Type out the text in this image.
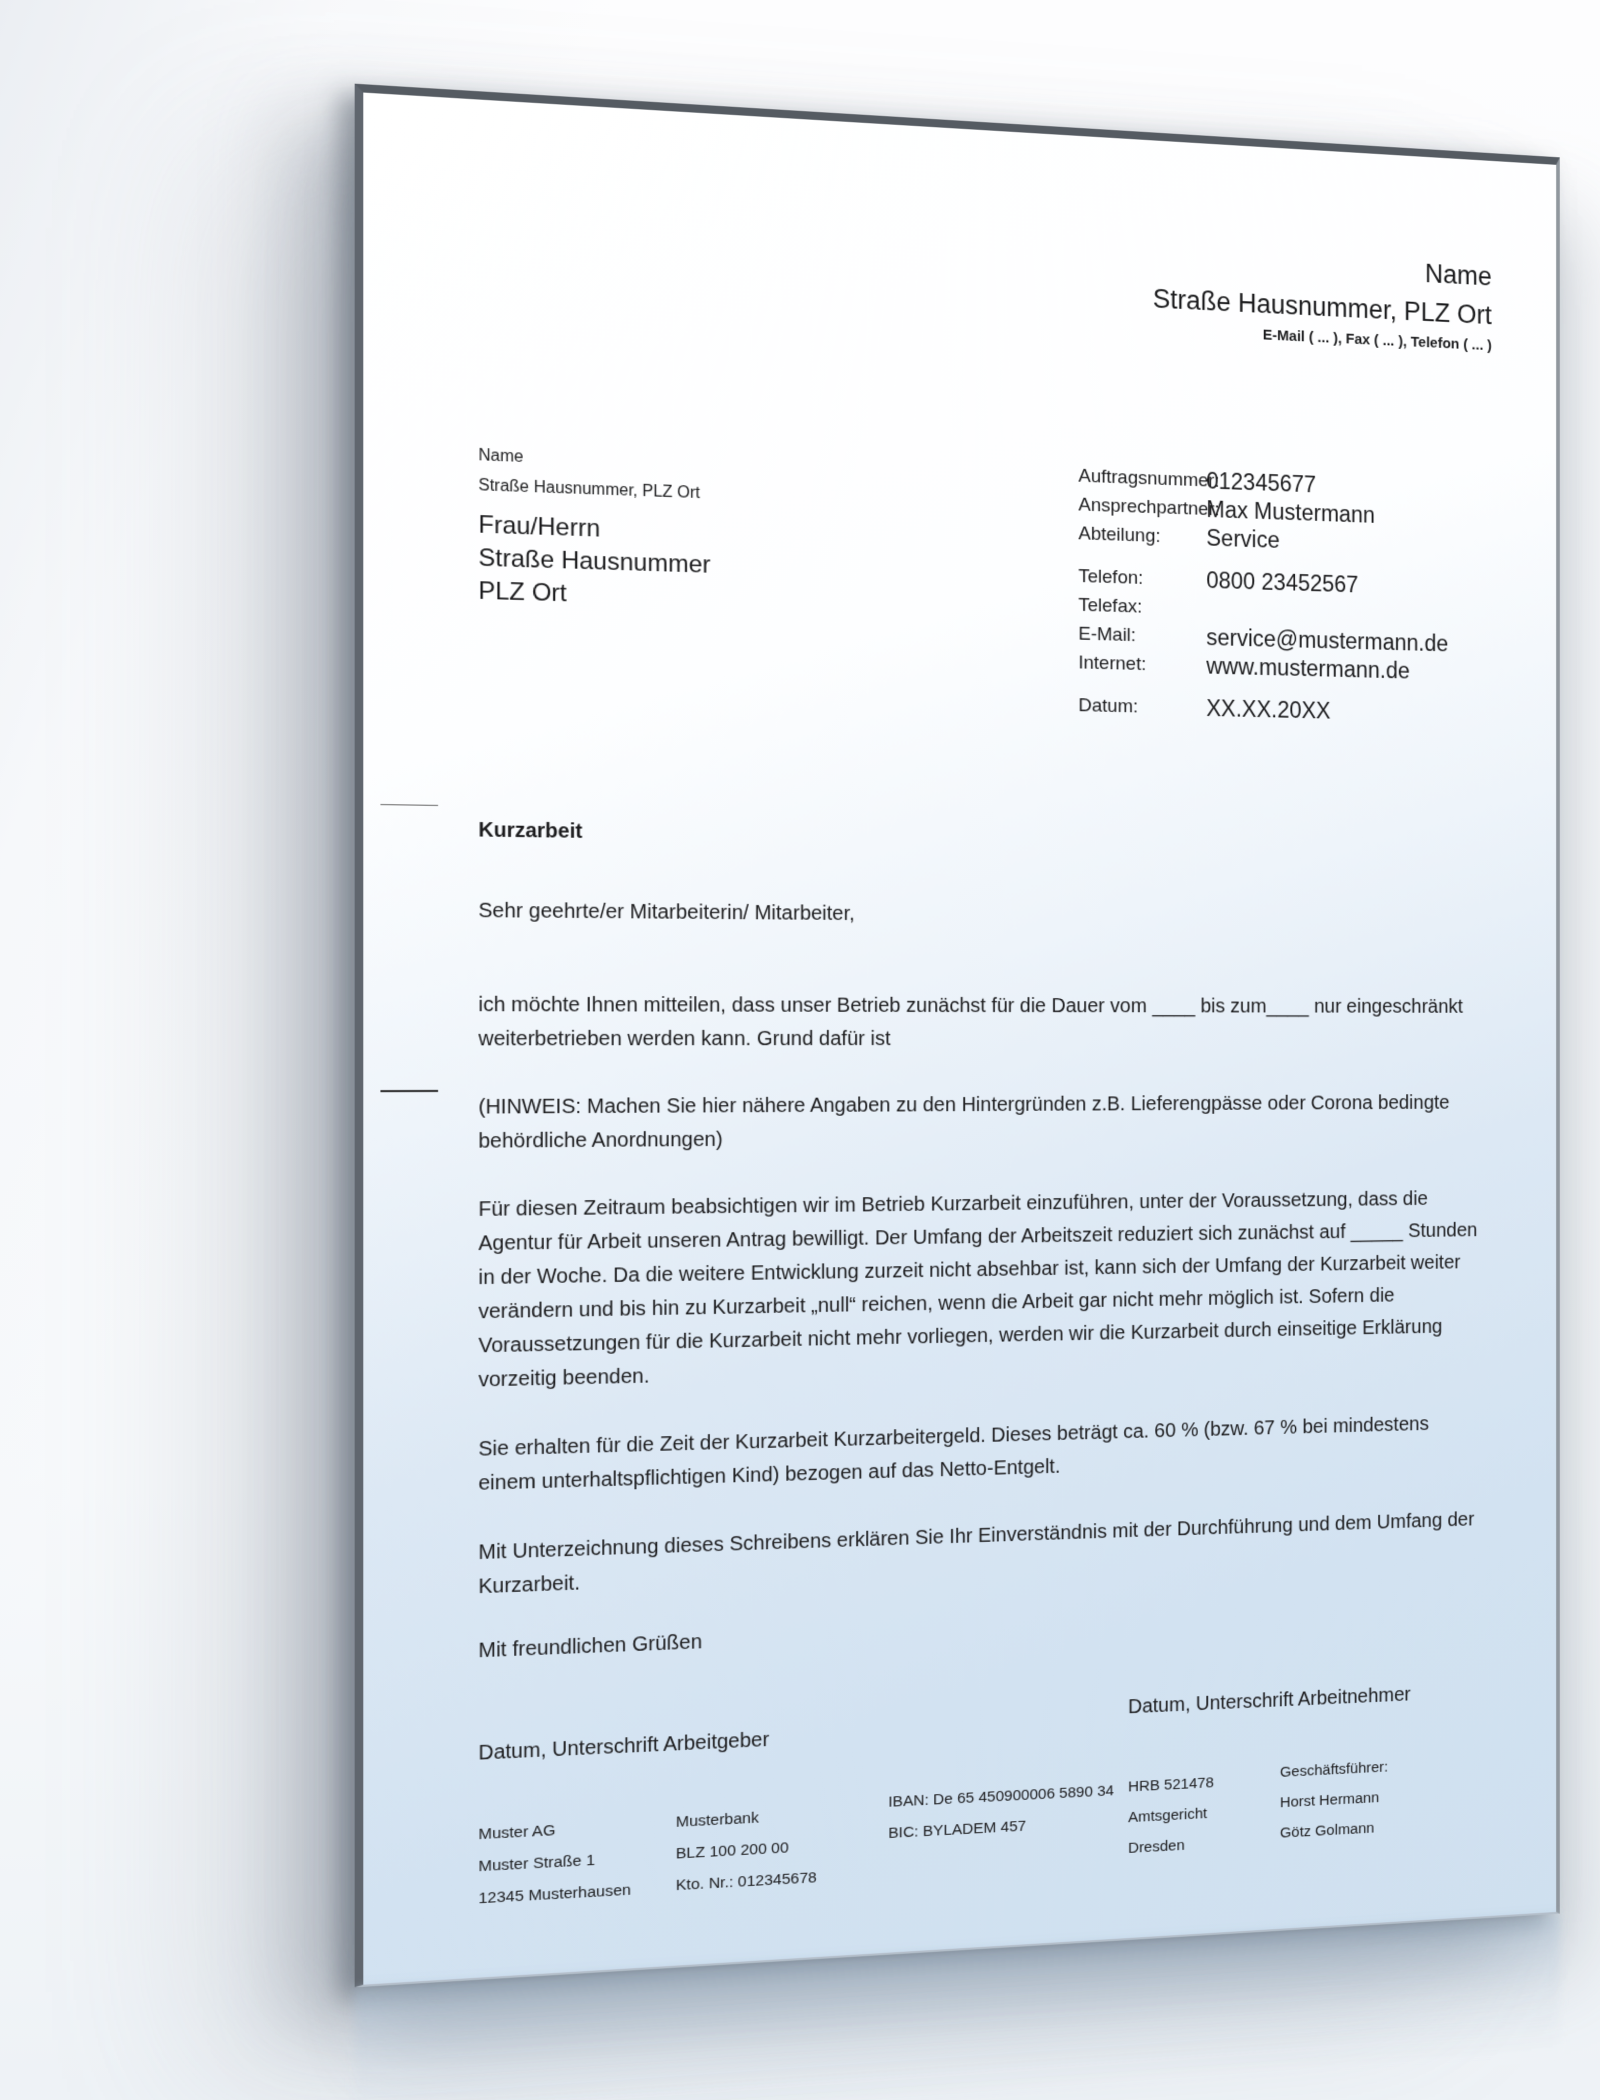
Name
Straße Hausnummer, PLZ Ort
E-Mail ( ... ), Fax ( ... ), Telefon ( ... )
Name
Straße Hausnummer, PLZ Ort
Frau/Herrn
Straße Hausnummer
PLZ Ort
Auftragsnummer:
012345677
Ansprechpartner:
Max Mustermann
Abteilung:	Service
Telefon:	0800 23452567
Telefax:
E-Mail:	service@mustermann.de
Internet:	www.mustermann.de
Datum:	XX.XX.20XX
Kurzarbeit
Sehr geehrte/er Mitarbeiterin/ Mitarbeiter,
ich möchte Ihnen mitteilen, dass unser Betrieb zunächst für die Dauer vom ____ bis zum____ nur eingeschränkt weiterbetrieben werden kann. Grund dafür ist
(HINWEIS: Machen Sie hier nähere Angaben zu den Hintergründen z.B. Lieferengpässe oder Corona bedingte behördliche Anordnungen)
Für diesen Zeitraum beabsichtigen wir im Betrieb Kurzarbeit einzuführen, unter der Voraussetzung, dass die Agentur für Arbeit unseren Antrag bewilligt. Der Umfang der Arbeitszeit reduziert sich zunächst auf _____ Stunden in der Woche. Da die weitere Entwicklung zurzeit nicht absehbar ist, kann sich der Umfang der Kurzarbeit weiter verändern und bis hin zu Kurzarbeit „null“ reichen, wenn die Arbeit gar nicht mehr möglich ist. Sofern die Voraussetzungen für die Kurzarbeit nicht mehr vorliegen, werden wir die Kurzarbeit durch einseitige Erklärung vorzeitig beenden.
Sie erhalten für die Zeit der Kurzarbeit Kurzarbeitergeld. Dieses beträgt ca. 60 % (bzw. 67 % bei mindestens einem unterhaltspflichtigen Kind) bezogen auf das Netto-Entgelt.
Mit Unterzeichnung dieses Schreibens erklären Sie Ihr Einverständnis mit der Durchführung und dem Umfang der Kurzarbeit.
Mit freundlichen Grüßen
Datum, Unterschrift Arbeitgeber
Datum, Unterschrift Arbeitnehmer
Muster AG
Muster Straße 1
12345 Musterhausen
Musterbank
BLZ 100 200 00
Kto. Nr.: 012345678
IBAN: De 65 450900006 5890 34
BIC: BYLADEM 457
HRB 521478
Amtsgericht
Dresden
Geschäftsführer:
Horst Hermann
Götz Golmann
